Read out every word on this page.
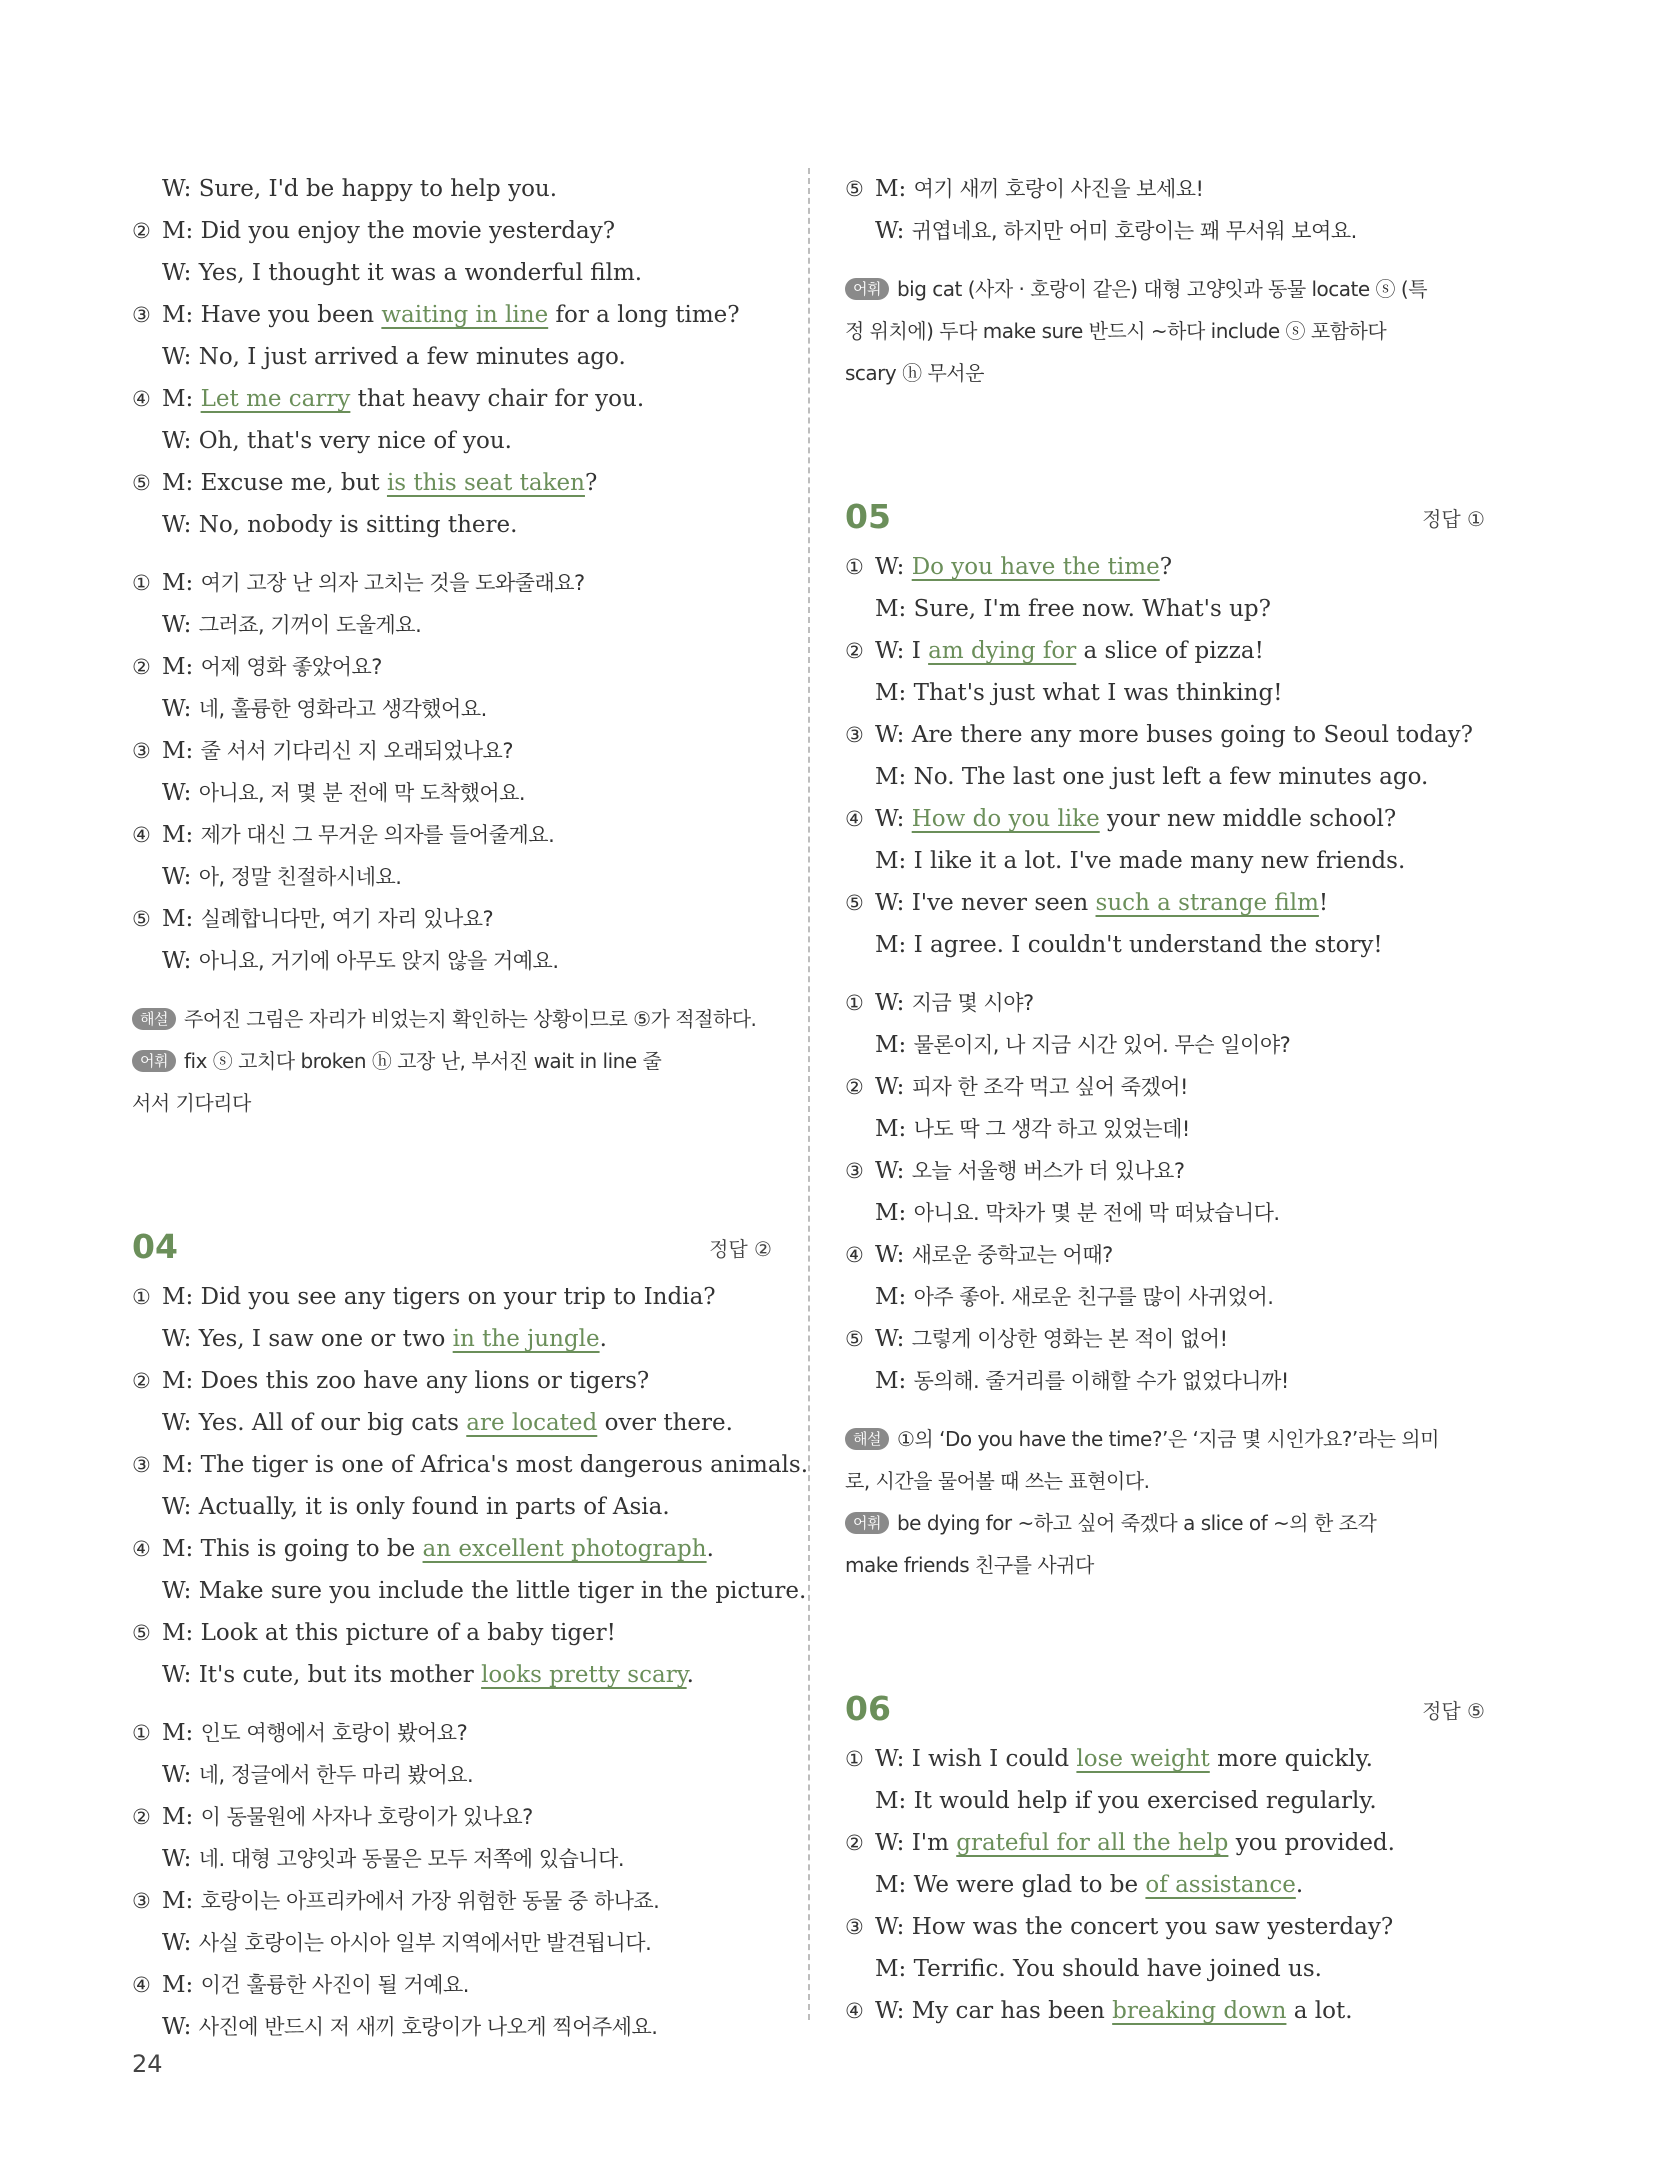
W: Sure, I'd be happy to help you.
② M: Did you enjoy the movie yesterday?
W: Yes, I thought it was a wonderful film.
③ M: Have you been waiting in line for a long time?
W: No, I just arrived a few minutes ago.
④ M: Let me carry that heavy chair for you.
W: Oh, that's very nice of you.
⑤ M: Excuse me, but is this seat taken?
W: No, nobody is sitting there.
① M: 여기 고장 난 의자 고치는 것을 도와줄래요?
W: 그러죠, 기꺼이 도울게요.
② M: 어제 영화 좋았어요?
W: 네, 훌륭한 영화라고 생각했어요.
③ M: 줄 서서 기다리신 지 오래되었나요?
W: 아니요, 저 몇 분 전에 막 도착했어요.
④ M: 제가 대신 그 무거운 의자를 들어줄게요.
W: 아, 정말 친절하시네요.
⑤ M: 실례합니다만, 여기 자리 있나요?
W: 아니요, 거기에 아무도 앉지 않을 거예요.
해설 주어진 그림은 자리가 비었는지 확인하는 상황이므로 ⑤가 적절하다.
어휘 fix ⓢ 고치다 broken ⓗ 고장 난, 부서진 wait in line 줄
서서 기다리다
04	정답 ②
① M: Did you see any tigers on your trip to India?
W: Yes, I saw one or two in the jungle.
② M: Does this zoo have any lions or tigers?
W: Yes. All of our big cats are located over there.
③ M: The tiger is one of Africa's most dangerous animals.
W: Actually, it is only found in parts of Asia.
④ M: This is going to be an excellent photograph.
W: Make sure you include the little tiger in the picture.
⑤ M: Look at this picture of a baby tiger!
W: It's cute, but its mother looks pretty scary.
① M: 인도 여행에서 호랑이 봤어요?
W: 네, 정글에서 한두 마리 봤어요.
② M: 이 동물원에 사자나 호랑이가 있나요?
W: 네. 대형 고양잇과 동물은 모두 저쪽에 있습니다.
③ M: 호랑이는 아프리카에서 가장 위험한 동물 중 하나죠.
W: 사실 호랑이는 아시아 일부 지역에서만 발견됩니다.
④ M: 이건 훌륭한 사진이 될 거예요.
W: 사진에 반드시 저 새끼 호랑이가 나오게 찍어주세요.
⑤ M: 여기 새끼 호랑이 사진을 보세요!
W: 귀엽네요, 하지만 어미 호랑이는 꽤 무서워 보여요.
어휘 big cat (사자 · 호랑이 같은) 대형 고양잇과 동물 locate ⓢ (특
정 위치에) 두다 make sure 반드시 ~하다 include ⓢ 포함하다
scary ⓗ 무서운
05	정답 ①
① W: Do you have the time?
M: Sure, I'm free now. What's up?
② W: I am dying for a slice of pizza!
M: That's just what I was thinking!
③ W: Are there any more buses going to Seoul today?
M: No. The last one just left a few minutes ago.
④ W: How do you like your new middle school?
M: I like it a lot. I've made many new friends.
⑤ W: I've never seen such a strange film!
M: I agree. I couldn't understand the story!
① W: 지금 몇 시야?
M: 물론이지, 나 지금 시간 있어. 무슨 일이야?
② W: 피자 한 조각 먹고 싶어 죽겠어!
M: 나도 딱 그 생각 하고 있었는데!
③ W: 오늘 서울행 버스가 더 있나요?
M: 아니요. 막차가 몇 분 전에 막 떠났습니다.
④ W: 새로운 중학교는 어때?
M: 아주 좋아. 새로운 친구를 많이 사귀었어.
⑤ W: 그렇게 이상한 영화는 본 적이 없어!
M: 동의해. 줄거리를 이해할 수가 없었다니까!
해설 ①의 ‘Do you have the time?’은 ‘지금 몇 시인가요?’라는 의미
로, 시간을 물어볼 때 쓰는 표현이다.
어휘 be dying for ~하고 싶어 죽겠다 a slice of ~의 한 조각
make friends 친구를 사귀다
06	정답 ⑤
① W: I wish I could lose weight more quickly.
M: It would help if you exercised regularly.
② W: I'm grateful for all the help you provided.
M: We were glad to be of assistance.
③ W: How was the concert you saw yesterday?
M: Terrific. You should have joined us.
④ W: My car has been breaking down a lot.
24
